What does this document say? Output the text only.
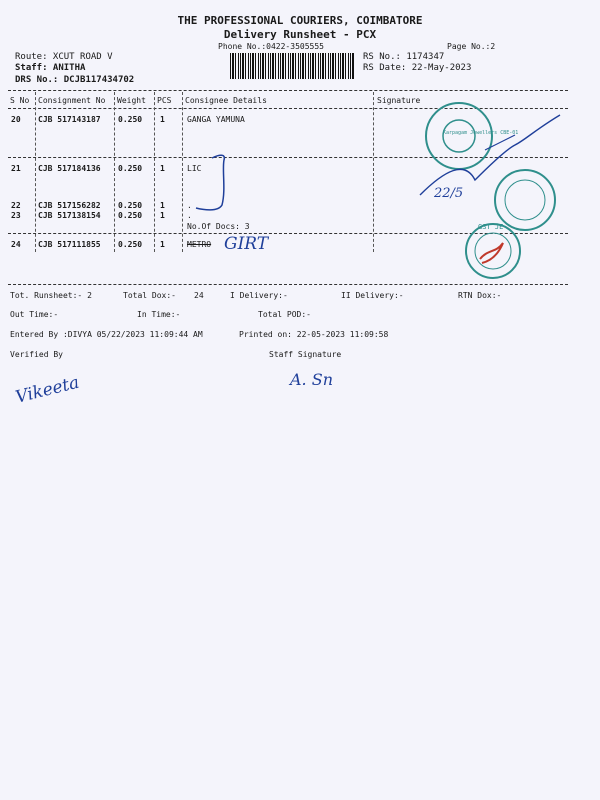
THE PROFESSIONAL COURIERS, COIMBATORE
Delivery Runsheet - PCX
Phone No.:0422-3505555	Page No.:2
Route: XCUT ROAD V
Staff: ANITHA
DRS No.: DCJB117434702
RS No.: 1174347
RS Date: 22-May-2023
S No Consignment No Weight PCS Consignee Details	Signature
20 CJB 517143187 0.250 1	GANGA YAMUNA
21 CJB 517184136 0.250 1	LIC
22 CJB 517156282 0.250 1	.
23 CJB 517138154 0.250 1	.
No.Of Docs: 3
24 CJB 517111855 0.250 1	METRO GIRT
Karpagam Jewellers CBE-01
22/5
GST JE
Tot. Runsheet:- 2	Total Dox:- 24	I Delivery:-	II Delivery:-	RTN Dox:-
Out Time:-	In Time:-	Total POD:-
Entered By :DIVYA 05/22/2023 11:09:44 AM	Printed on: 22-05-2023 11:09:58
Verified By	Staff Signature
A. Sn
Vikeeta
